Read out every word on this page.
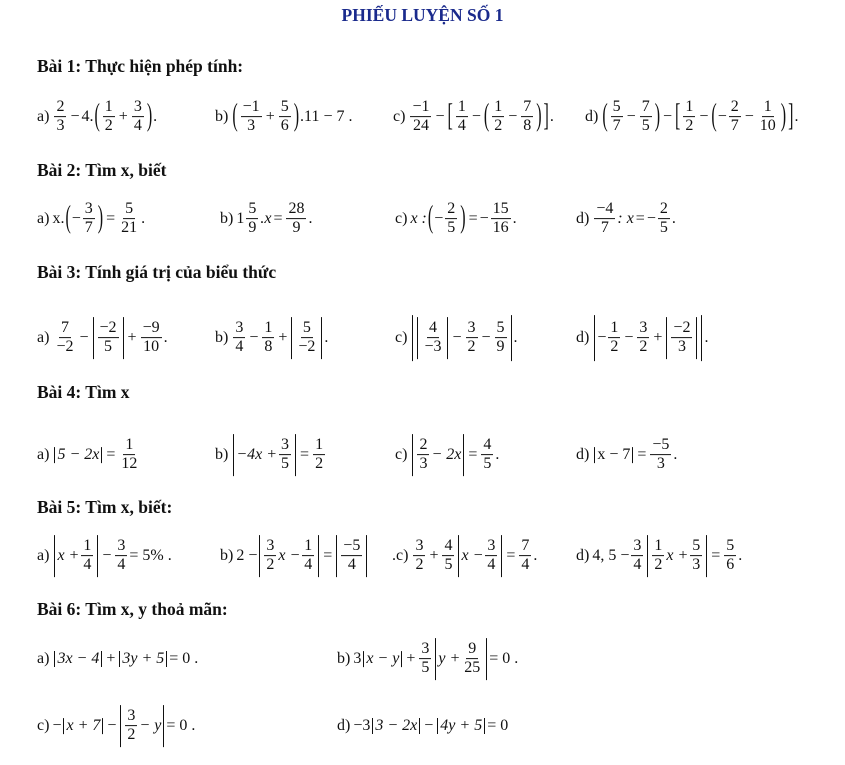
PHIẾU LUYỆN SỐ 1
Bài 1: Thực hiện phép tính:
$a) \frac{2}{3} - 4$ . ( $\frac{1}{2} + \frac{3}{4}$ ) .	b) ( $\frac{-1}{3} + \frac{5}{6}$ ) .11 − 7 .	$c) \frac{-1}{24}$ − [ $\frac{1}{4}$ − ( $\frac{1}{2} - \frac{7}{8}$ ) ] . d) ( $\frac{5}{7} - \frac{7}{5}$ ) − [ $\frac{1}{2}$ − ( − $\frac{2}{7} - \frac{1}{10}$ ) ] .
Bài 2: Tìm x, biết
a) x. ( − $\frac{3}{7}$ ) = $\frac{5}{21}$ .	b) $1 \frac{5}{9} .x = \frac{28}{9}$ .	c) x : ( − $\frac{2}{5}$ ) = − $\frac{15}{16}$ .	$d) \frac{-4}{7}$ : x = − $\frac{2}{5}$ .
Bài 3: Tính giá trị của biểu thức
$a) \frac{7}{-2} - \frac{-2}{5} + \frac{-9}{10}$ .	$b) \frac{3}{4} - \frac{1}{8} + \frac{5}{-2}$ .	$c) \frac{4}{-3} - \frac{3}{2} - \frac{5}{9}$ .	$d) - \frac{1}{2} - \frac{3}{2} + \frac{-2}{3}$ .
Bài 4: Tìm x
a) $5 - 2x = \frac{1}{12}$	$b) -4x + \frac{3}{5} = \frac{1}{2}$	$c) \frac{2}{3} - 2x = \frac{4}{5}$ .	d) $x - 7 = \frac{-5}{3}$ .
Bài 5: Tìm x, biết:
a) $x + \frac{1}{4} - \frac{3}{4} = 5\%$ .	b) $2 - \frac{3}{2}$ $x - \frac{1}{4} = \frac{-5}{4} .c) \frac{3}{2} + \frac{4}{5}$ $x - \frac{3}{4} = \frac{7}{4}$ . d) 4, $5 - \frac{3}{4} \frac{1}{2}$ $x + \frac{5}{3} = \frac{5}{6}$ .
Bài 6: Tìm x, y thoả mãn:
a) 3x − 4 + 3y + 5 = 0 .	b) 3 $x - y + \frac{3}{5}$ $y + \frac{9}{25} = 0$ .
$c) - x + 7 - \frac{3}{2} - y = 0$ .	d) −3 3 − 2x − 4y + 5 = 0
